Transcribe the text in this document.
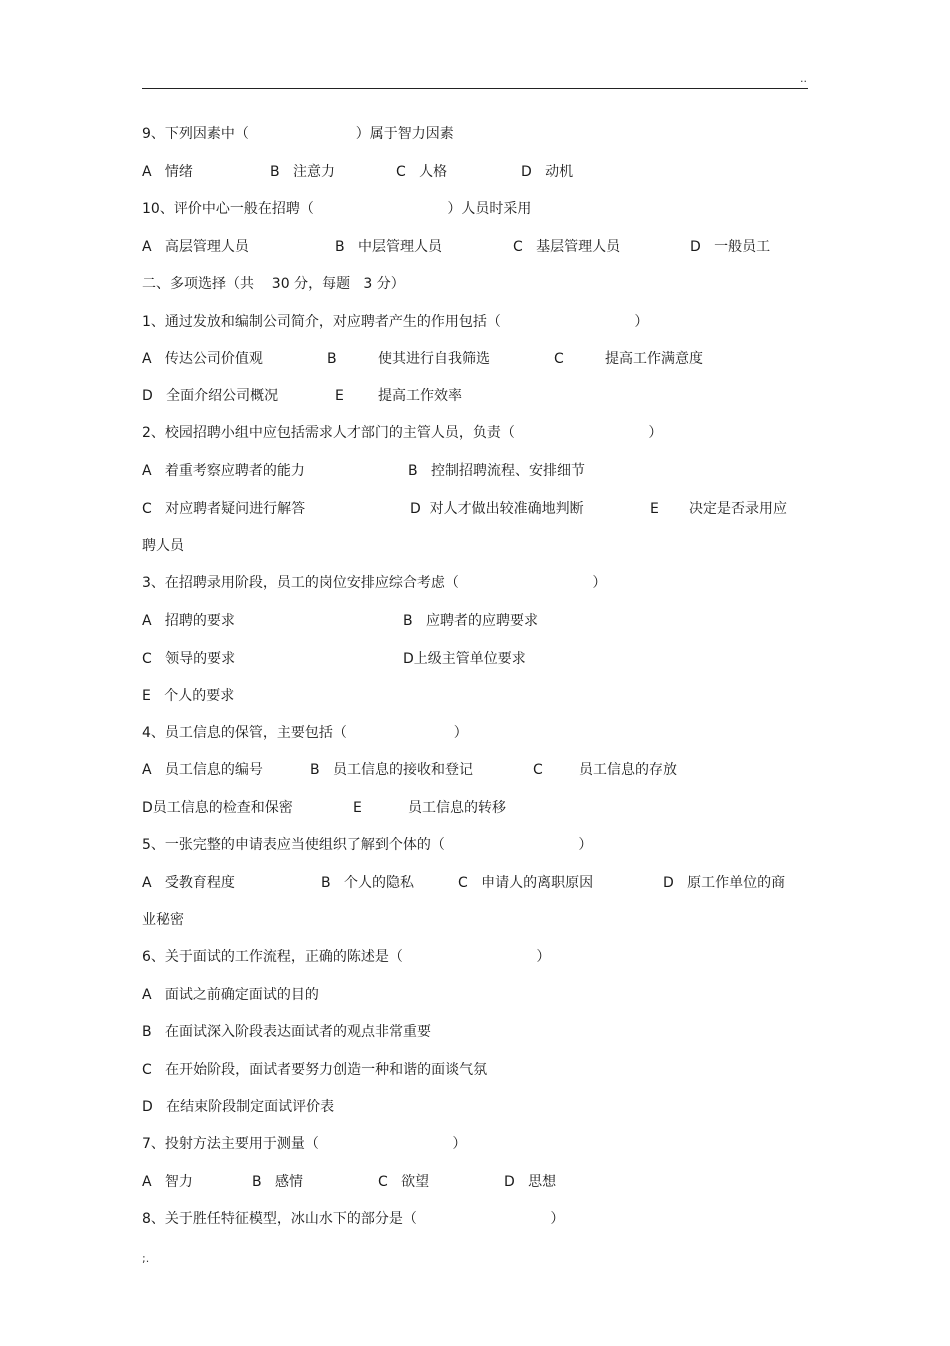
..
9、下列因素中（                        ）属于智力因素
A   情绪	B   注意力	C   人格	D   动机
10、评价中心一般在招聘（                              ）人员时采用
A   高层管理人员	B   中层管理人员	C   基层管理人员	D   一般员工
二、多项选择（共    30 分，每题   3 分）
1、通过发放和编制公司简介，对应聘者产生的作用包括（                              ）
A   传达公司价值观	B	使其进行自我筛选	C	提高工作满意度
D   全面介绍公司概况	E 提高工作效率
2、校园招聘小组中应包括需求人才部门的主管人员，负责（                              ）
A   着重考察应聘者的能力	B   控制招聘流程、安排细节
C   对应聘者疑问进行解答	D  对人才做出较准确地判断	E 决定是否录用应
聘人员
3、在招聘录用阶段，员工的岗位安排应综合考虑（                              ）
A   招聘的要求	B   应聘者的应聘要求
C   领导的要求	D上级主管单位要求
E   个人的要求
4、员工信息的保管，主要包括（                        ）
A   员工信息的编号	B   员工信息的接收和登记	C	员工信息的存放
D员工信息的检查和保密	E	员工信息的转移
5、一张完整的申请表应当使组织了解到个体的（                              ）
A   受教育程度	B   个人的隐私	C   申请人的离职原因	D   原工作单位的商
业秘密
6、关于面试的工作流程，正确的陈述是（                              ）
A   面试之前确定面试的目的
B   在面试深入阶段表达面试者的观点非常重要
C   在开始阶段，面试者要努力创造一种和谐的面谈气氛
D   在结束阶段制定面试评价表
7、投射方法主要用于测量（                              ）
A   智力	B   感情	C   欲望	D   思想
8、关于胜任特征模型，冰山水下的部分是（                              ）
;.
